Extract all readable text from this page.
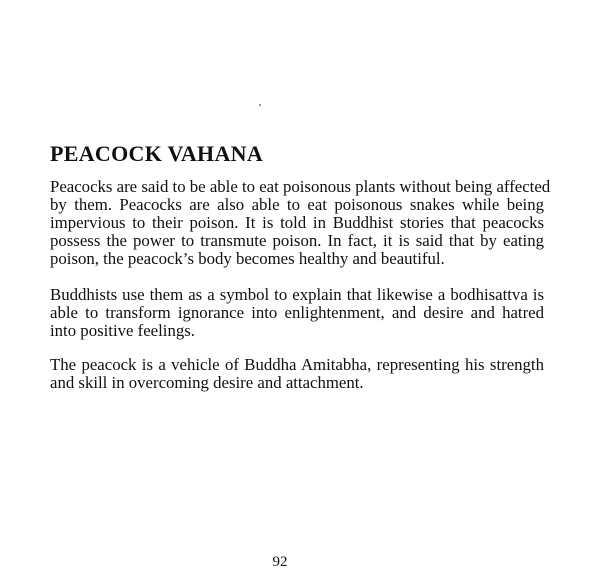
PEACOCK VAHANA
Peacocks are said to be able to eat poisonous plants without being affected
by them. Peacocks are also able to eat poisonous snakes while being
impervious to their poison. It is told in Buddhist stories that peacocks
possess the power to transmute poison. In fact, it is said that by eating
poison, the peacock’s body becomes healthy and beautiful.
Buddhists use them as a symbol to explain that likewise a bodhisattva is
able to transform ignorance into enlightenment, and desire and hatred
into positive feelings.
The peacock is a vehicle of Buddha Amitabha, representing his strength
and skill in overcoming desire and attachment.
92
